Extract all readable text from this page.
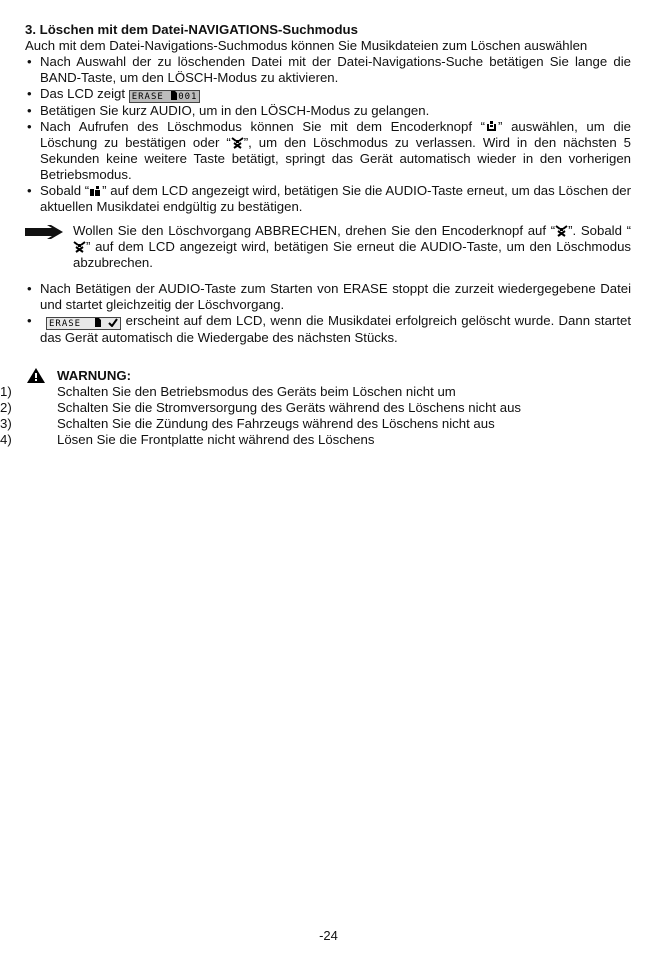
3. Löschen mit dem Datei-NAVIGATIONS-Suchmodus

Auch mit dem Datei-Navigations-Suchmodus können Sie Musikdateien zum Löschen auswählen

• Nach Auswahl der zu löschenden Datei mit der Datei-Navigations-Suche betätigen Sie lange die BAND-Taste, um den LÖSCH-Modus zu aktivieren.
• Das LCD zeigt ERASE 001
• Betätigen Sie kurz AUDIO, um in den LÖSCH-Modus zu gelangen.
• Nach Aufrufen des Löschmodus können Sie mit dem Encoderknopf “ ” auswählen, um die Löschung zu bestätigen oder “ ”, um den Löschmodus zu verlassen. Wird in den nächsten 5 Sekunden keine weitere Taste betätigt, springt das Gerät automatisch wieder in den vorherigen Betriebsmodus.
• Sobald “ ” auf dem LCD angezeigt wird, betätigen Sie die AUDIO-Taste erneut, um das Löschen der aktuellen Musikdatei endgültig zu bestätigen.
Wollen Sie den Löschvorgang ABBRECHEN, drehen Sie den Encoderknopf auf “ ”. Sobald “” auf dem LCD angezeigt wird, betätigen Sie erneut die AUDIO-Taste, um den Löschmodus abzubrechen.
• Nach Betätigen der AUDIO-Taste zum Starten von ERASE stoppt die zurzeit wiedergegebene Datei und startet gleichzeitig der Löschvorgang.
• ERASE	erscheint auf dem LCD, wenn die Musikdatei erfolgreich gelöscht wurde. Dann startet das Gerät automatisch die Wiedergabe des nächsten Stücks.
WARNUNG:
1)	Schalten Sie den Betriebsmodus des Geräts beim Löschen nicht um
2)	Schalten Sie die Stromversorgung des Geräts während des Löschens nicht aus
3)	Schalten Sie die Zündung des Fahrzeugs während des Löschens nicht aus
4)	Lösen Sie die Frontplatte nicht während des Löschens
-24
